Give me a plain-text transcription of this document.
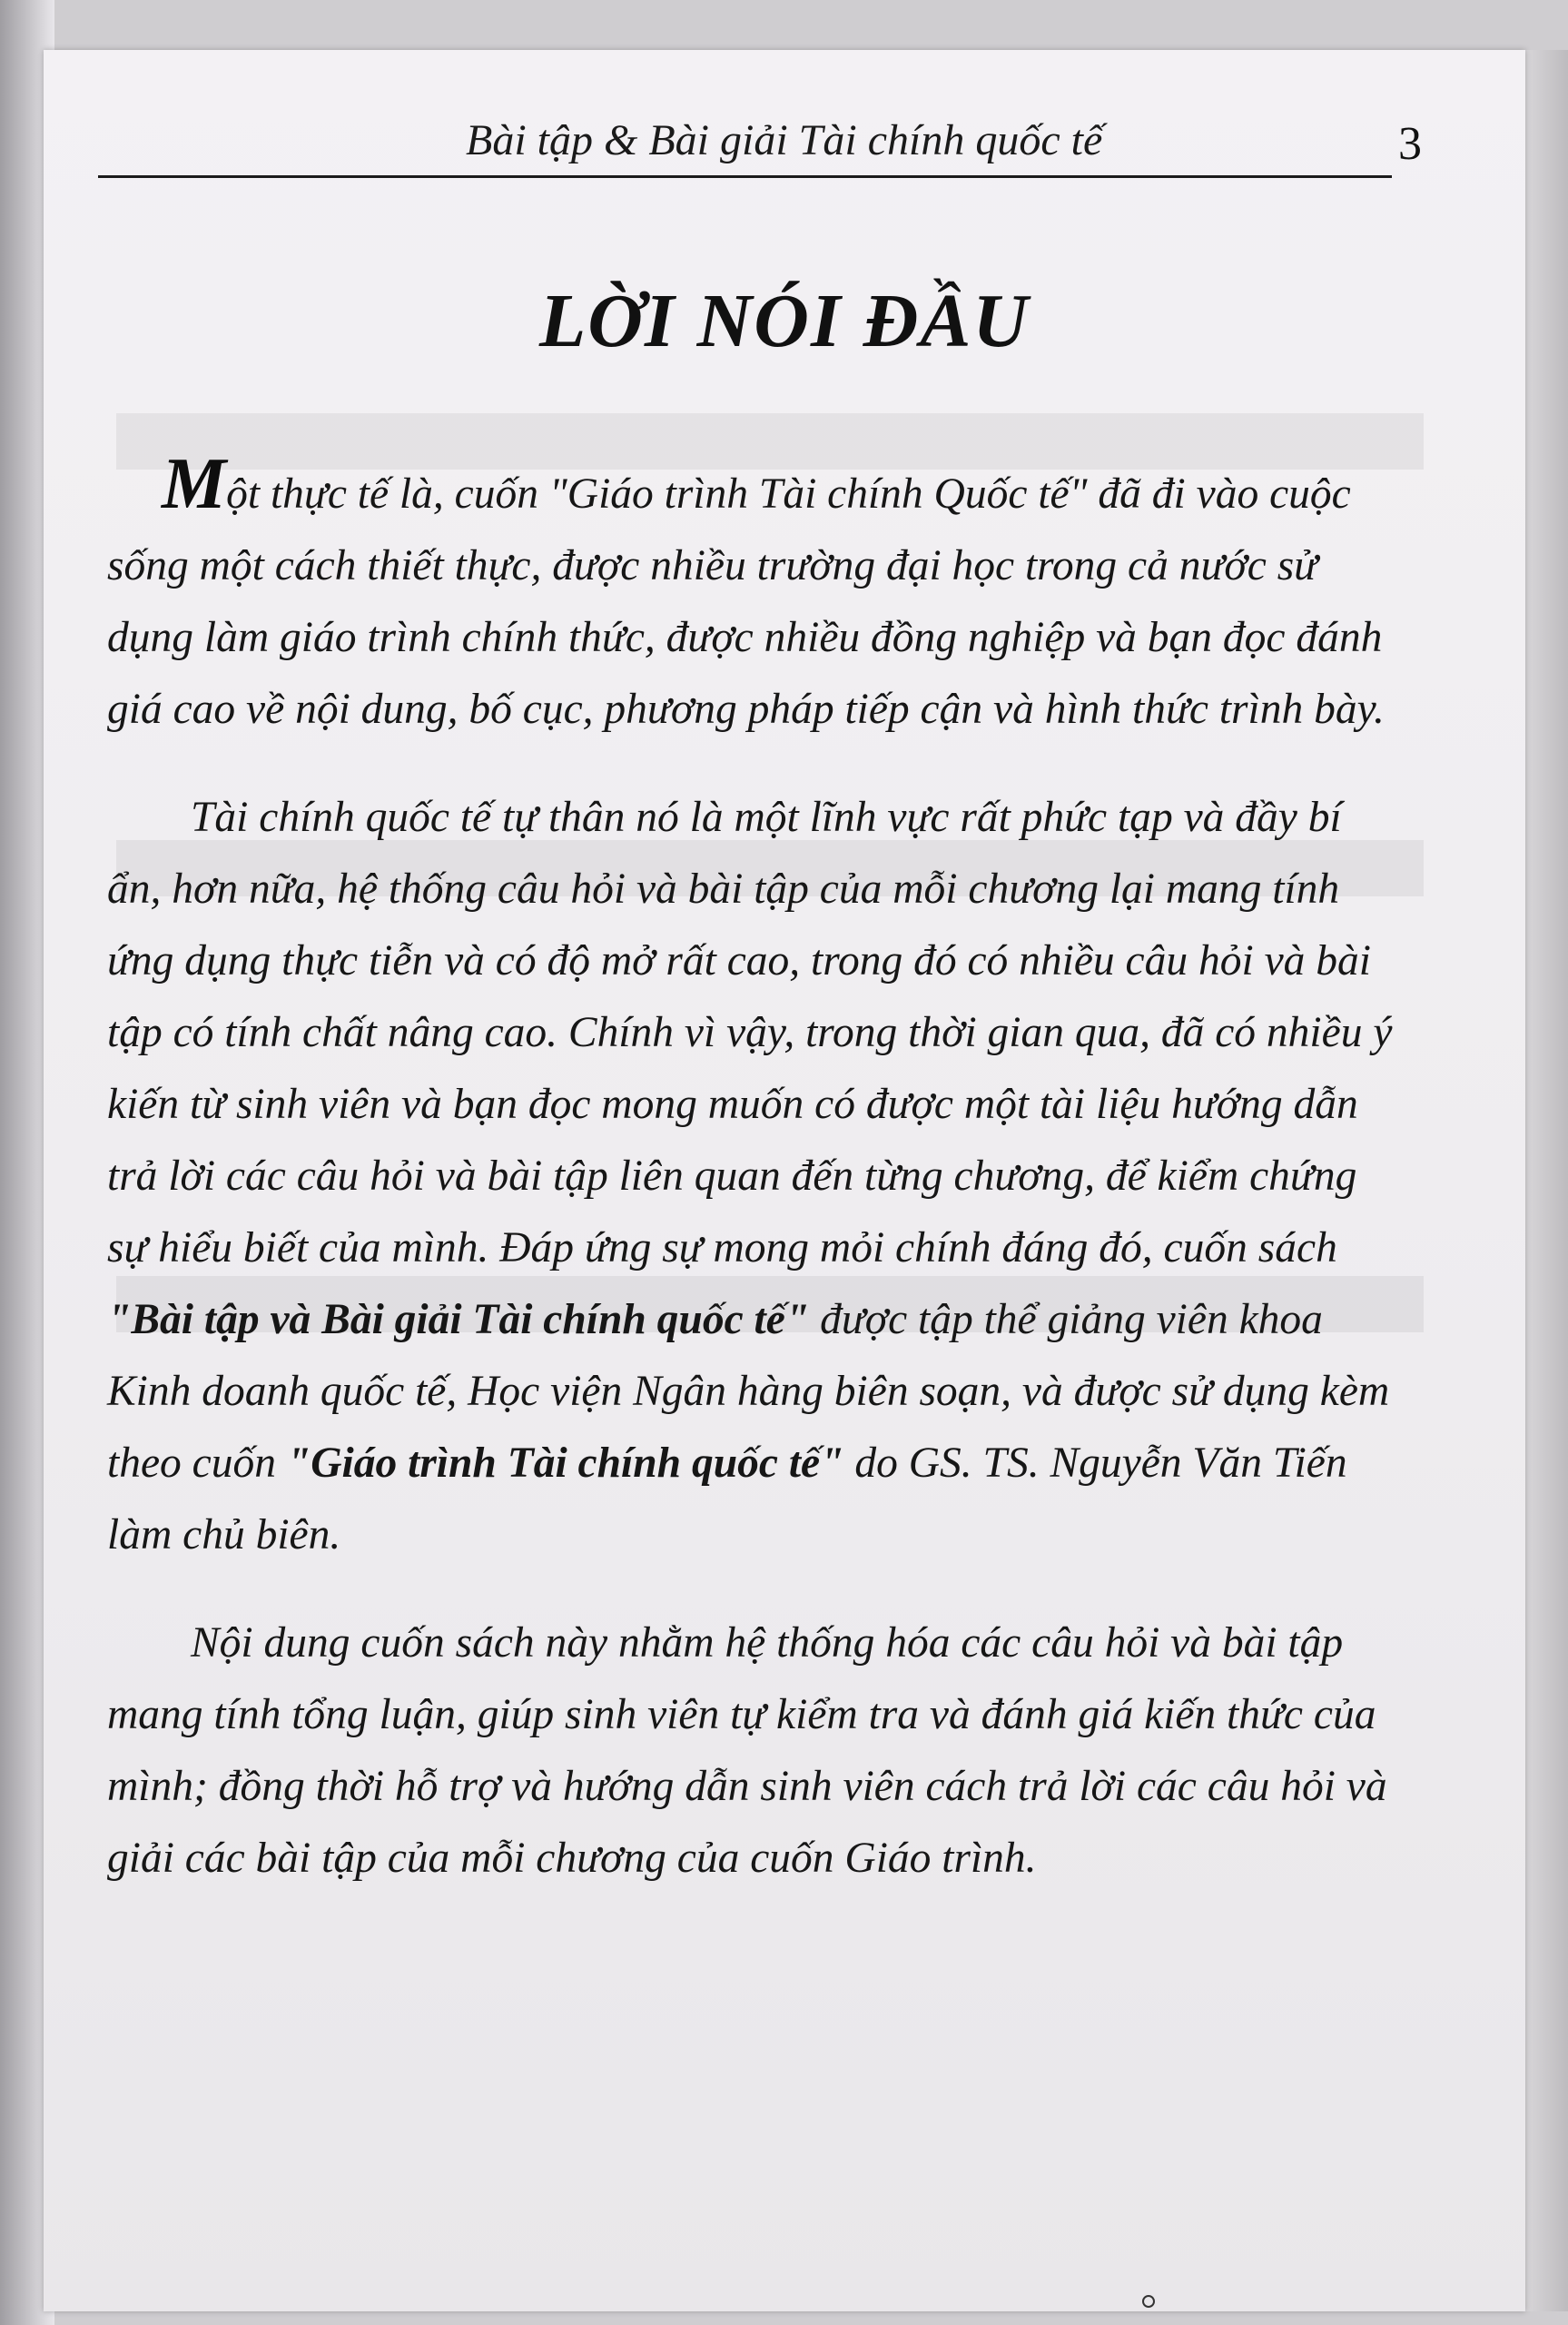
Bài tập & Bài giải Tài chính quốc tế	3
LỜI NÓI ĐẦU

Một thực tế là, cuốn "Giáo trình Tài chính Quốc tế" đã đi vào cuộc sống một cách thiết thực, được nhiều trường đại học trong cả nước sử dụng làm giáo trình chính thức, được nhiều đồng nghiệp và bạn đọc đánh giá cao về nội dung, bố cục, phương pháp tiếp cận và hình thức trình bày.

Tài chính quốc tế tự thân nó là một lĩnh vực rất phức tạp và đầy bí ẩn, hơn nữa, hệ thống câu hỏi và bài tập của mỗi chương lại mang tính ứng dụng thực tiễn và có độ mở rất cao, trong đó có nhiều câu hỏi và bài tập có tính chất nâng cao. Chính vì vậy, trong thời gian qua, đã có nhiều ý kiến từ sinh viên và bạn đọc mong muốn có được một tài liệu hướng dẫn trả lời các câu hỏi và bài tập liên quan đến từng chương, để kiểm chứng sự hiểu biết của mình. Đáp ứng sự mong mỏi chính đáng đó, cuốn sách "Bài tập và Bài giải Tài chính quốc tế" được tập thể giảng viên khoa Kinh doanh quốc tế, Học viện Ngân hàng biên soạn, và được sử dụng kèm theo cuốn "Giáo trình Tài chính quốc tế" do GS. TS. Nguyễn Văn Tiến làm chủ biên.

Nội dung cuốn sách này nhằm hệ thống hóa các câu hỏi và bài tập mang tính tổng luận, giúp sinh viên tự kiểm tra và đánh giá kiến thức của mình; đồng thời hỗ trợ và hướng dẫn sinh viên cách trả lời các câu hỏi và giải các bài tập của mỗi chương của cuốn Giáo trình.
